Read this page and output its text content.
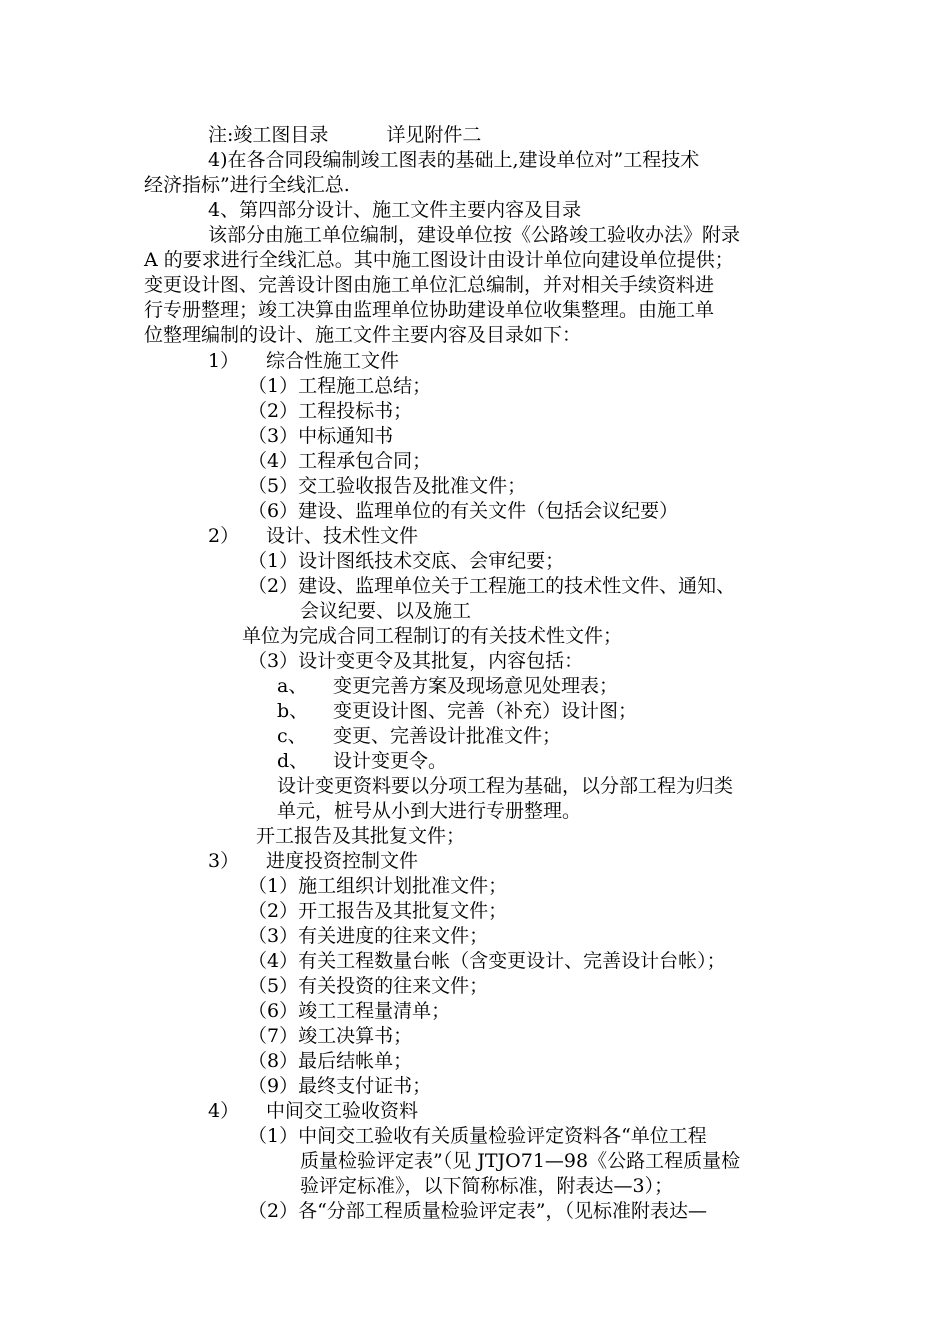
注:竣工图目录	详见附件二
4)在各合同段编制竣工图表的基础上,建设单位对”工程技术
经济指标”进行全线汇总.
4、第四部分设计、施工文件主要内容及目录
该部分由施工单位编制，建设单位按《公路竣工验收办法》附录
A 的要求进行全线汇总。其中施工图设计由设计单位向建设单位提供；
变更设计图、完善设计图由施工单位汇总编制，并对相关手续资料进
行专册整理；竣工决算由监理单位协助建设单位收集整理。由施工单
位整理编制的设计、施工文件主要内容及目录如下：
1） 综合性施工文件
（1）工程施工总结；
（2）工程投标书；
（3）中标通知书
（4）工程承包合同；
（5）交工验收报告及批准文件；
（6）建设、监理单位的有关文件（包括会议纪要）
2） 设计、技术性文件
（1）设计图纸技术交底、会审纪要；
（2）建设、监理单位关于工程施工的技术性文件、通知、
会议纪要、以及施工
单位为完成合同工程制订的有关技术性文件；
（3）设计变更令及其批复，内容包括：
a、 变更完善方案及现场意见处理表；
b、 变更设计图、完善（补充）设计图；
c、 变更、完善设计批准文件；
d、 设计变更令。
设计变更资料要以分项工程为基础，以分部工程为归类
单元，桩号从小到大进行专册整理。
开工报告及其批复文件；
3） 进度投资控制文件
（1）施工组织计划批准文件；
（2）开工报告及其批复文件；
（3）有关进度的往来文件；
（4）有关工程数量台帐（含变更设计、完善设计台帐）；
（5）有关投资的往来文件；
（6）竣工工程量清单；
（7）竣工决算书；
（8）最后结帐单；
（9）最终支付证书；
4） 中间交工验收资料
（1）中间交工验收有关质量检验评定资料各“单位工程
质量检验评定表”（见 JTJO71—98《公路工程质量检
验评定标准》，以下简称标准，附表达—3）；
（2）各“分部工程质量检验评定表”，（见标准附表达—
